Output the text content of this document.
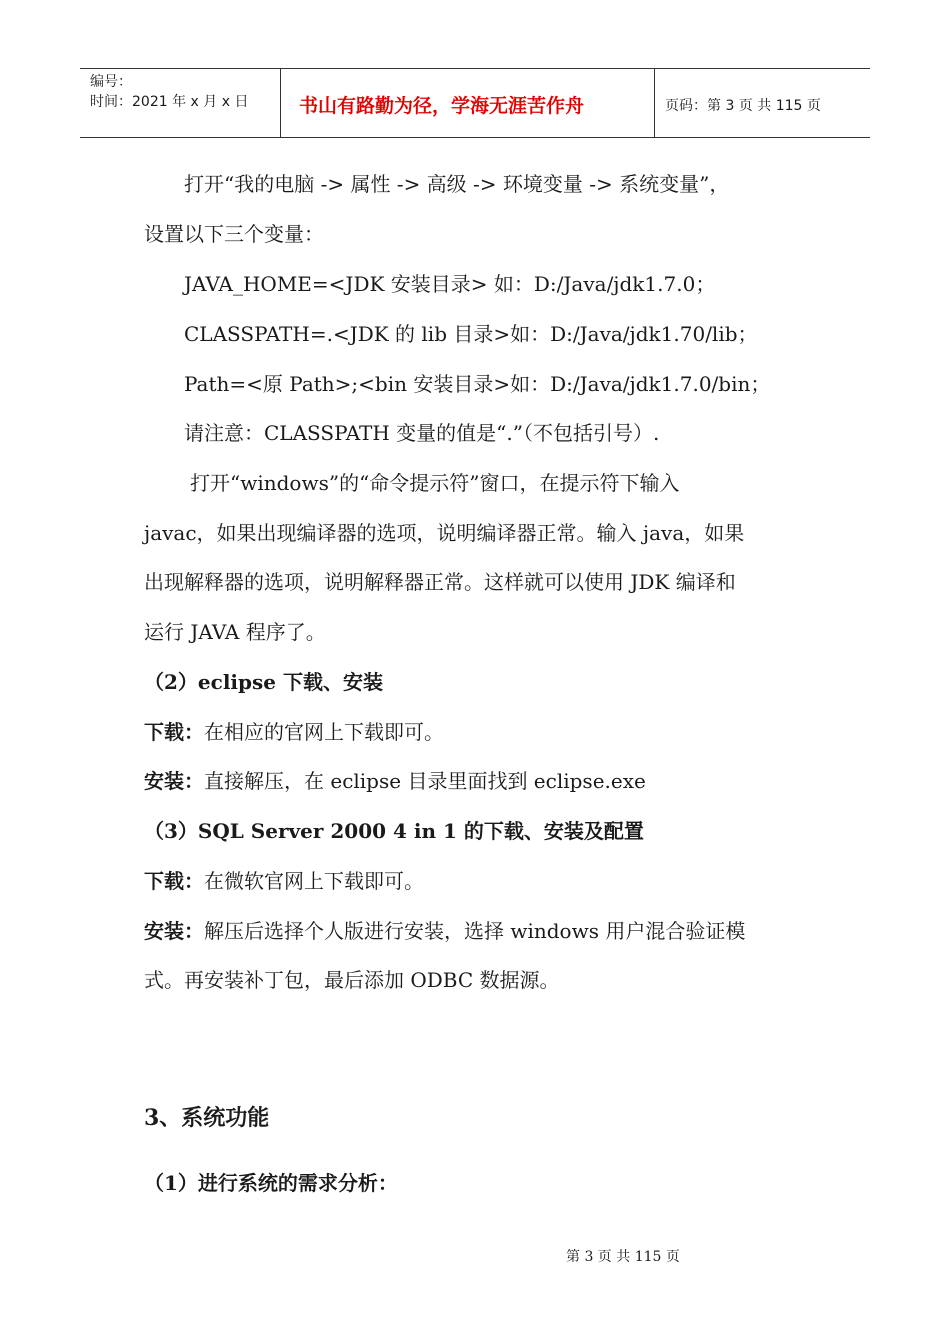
编号：
时间：2021 年 x 月 x 日	书山有路勤为径，学海无涯苦作舟	页码：第 3 页 共 115 页
打开“我的电脑 -> 属性 -> 高级 -> 环境变量 -> 系统变量”，
设置以下三个变量：
JAVA_HOME=<JDK 安装目录> 如：D:/Java/jdk1.7.0；
CLASSPATH=.<JDK 的 lib 目录>如：D:/Java/jdk1.70/lib；
Path=<原 Path>;<bin 安装目录>如：D:/Java/jdk1.7.0/bin；
请注意：CLASSPATH 变量的值是“.”（不包括引号）.
打开“windows”的“命令提示符”窗口，在提示符下输入
javac，如果出现编译器的选项，说明编译器正常。输入 java，如果
出现解释器的选项，说明解释器正常。这样就可以使用 JDK 编译和
运行 JAVA 程序了。
（2）eclipse 下载、安装
下载：在相应的官网上下载即可。
安装：直接解压，在 eclipse 目录里面找到 eclipse.exe
（3）SQL Server 2000 4 in 1 的下载、安装及配置
下载：在微软官网上下载即可。
安装：解压后选择个人版进行安装，选择 windows 用户混合验证模
式。再安装补丁包，最后添加 ODBC 数据源。
3、系统功能
（1）进行系统的需求分析：
第 3 页 共 115 页
